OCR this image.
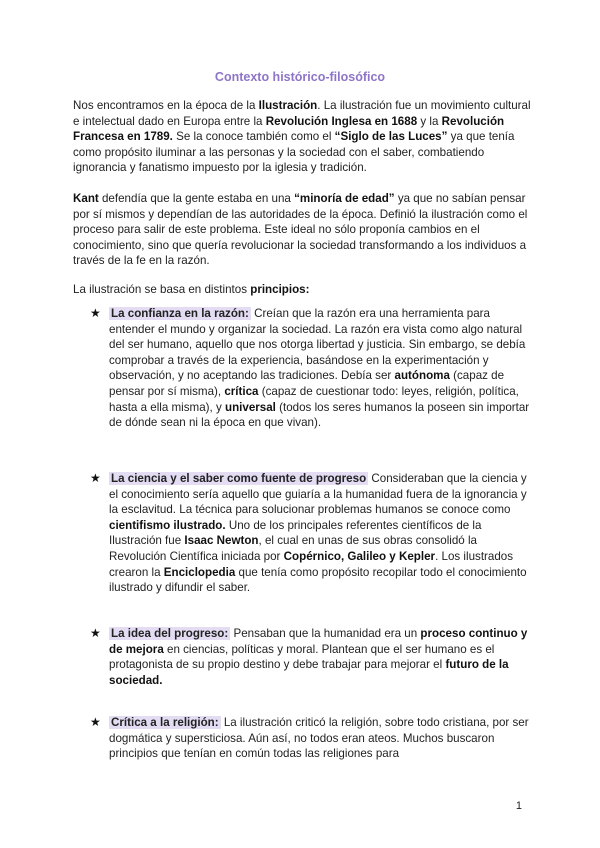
Contexto histórico-filosófico

Nos encontramos en la época de la Ilustración. La ilustración fue un movimiento cultural e intelectual dado en Europa entre la Revolución Inglesa en 1688 y la Revolución Francesa en 1789. Se la conoce también como el “Siglo de las Luces” ya que tenía como propósito iluminar a las personas y la sociedad con el saber, combatiendo ignorancia y fanatismo impuesto por la iglesia y tradición.

Kant defendía que la gente estaba en una “minoría de edad” ya que no sabían pensar por sí mismos y dependían de las autoridades de la época. Definió la ilustración como el proceso para salir de este problema. Este ideal no sólo proponía cambios en el conocimiento, sino que quería revolucionar la sociedad transformando a los individuos a través de la fe en la razón.

La ilustración se basa en distintos principios:

★ La confianza en la razón: Creían que la razón era una herramienta para entender el mundo y organizar la sociedad. La razón era vista como algo natural del ser humano, aquello que nos otorga libertad y justicia. Sin embargo, se debía comprobar a través de la experiencia, basándose en la experimentación y observación, y no aceptando las tradiciones. Debía ser autónoma (capaz de pensar por sí misma), crítica (capaz de cuestionar todo: leyes, religión, política, hasta a ella misma), y universal (todos los seres humanos la poseen sin importar de dónde sean ni la época en que vivan).

★ La ciencia y el saber como fuente de progreso Consideraban que la ciencia y el conocimiento sería aquello que guiaría a la humanidad fuera de la ignorancia y la esclavitud. La técnica para solucionar problemas humanos se conoce como cientifismo ilustrado. Uno de los principales referentes científicos de la Ilustración fue Isaac Newton, el cual en unas de sus obras consolidó la Revolución Científica iniciada por Copérnico, Galileo y Kepler. Los ilustrados crearon la Enciclopedia que tenía como propósito recopilar todo el conocimiento ilustrado y difundir el saber.

★ La idea del progreso: Pensaban que la humanidad era un proceso continuo y de mejora en ciencias, políticas y moral. Plantean que el ser humano es el protagonista de su propio destino y debe trabajar para mejorar el futuro de la sociedad.

★ Crítica a la religión: La ilustración criticó la religión, sobre todo cristiana, por ser dogmática y supersticiosa. Aún así, no todos eran ateos. Muchos buscaron principios que tenían en común todas las religiones para

1
